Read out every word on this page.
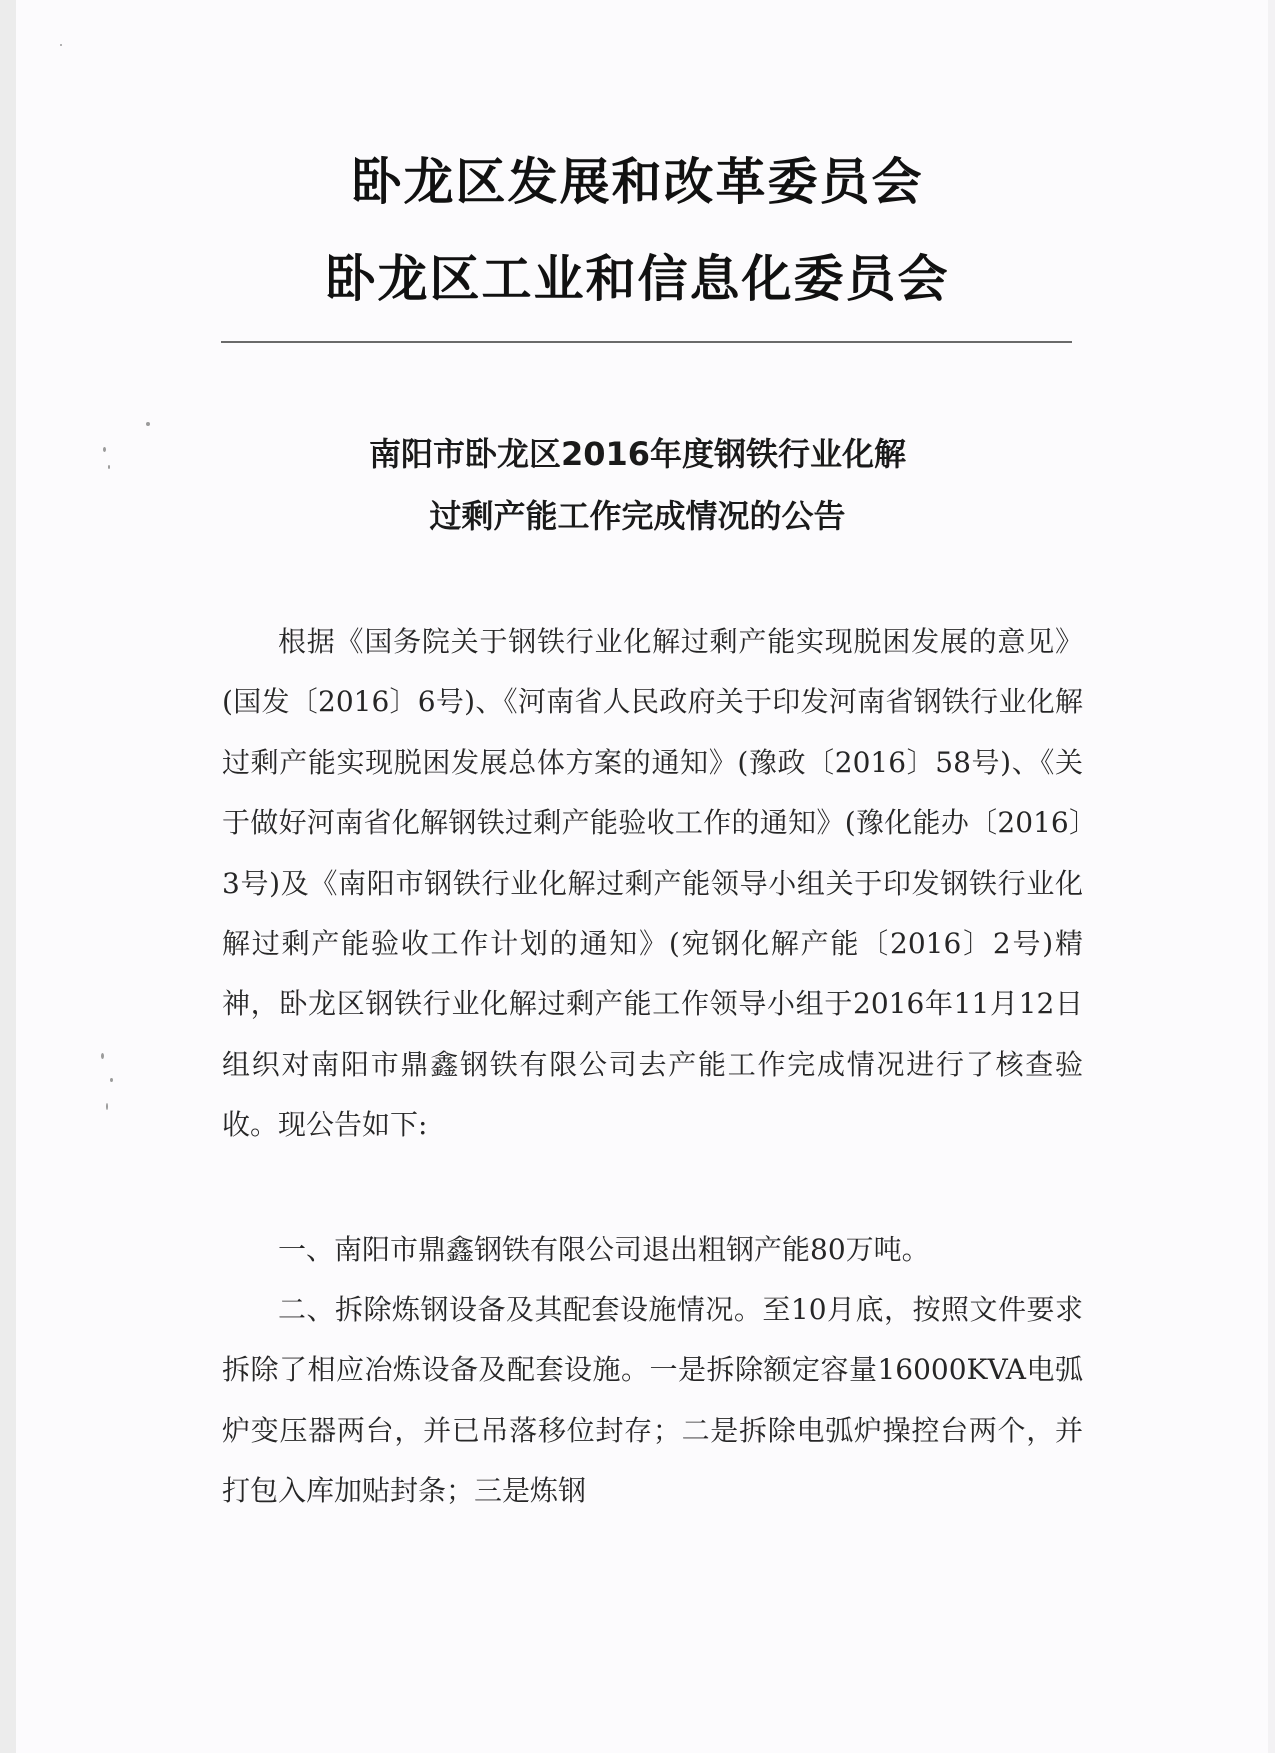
卧龙区发展和改革委员会
卧龙区工业和信息化委员会
南阳市卧龙区2016年度钢铁行业化解
过剩产能工作完成情况的公告

根据《国务院关于钢铁行业化解过剩产能实现脱困发展的意见》(国发〔2016〕6号)、《河南省人民政府关于印发河南省钢铁行业化解过剩产能实现脱困发展总体方案的通知》(豫政〔2016〕58号)、《关于做好河南省化解钢铁过剩产能验收工作的通知》(豫化能办〔2016〕3号)及《南阳市钢铁行业化解过剩产能领导小组关于印发钢铁行业化解过剩产能验收工作计划的通知》(宛钢化解产能〔2016〕2号)精神，卧龙区钢铁行业化解过剩产能工作领导小组于2016年11月12日组织对南阳市鼎鑫钢铁有限公司去产能工作完成情况进行了核查验收。现公告如下:

一、南阳市鼎鑫钢铁有限公司退出粗钢产能80万吨。

二、拆除炼钢设备及其配套设施情况。至10月底，按照文件要求拆除了相应冶炼设备及配套设施。一是拆除额定容量16000KVA电弧炉变压器两台，并已吊落移位封存；二是拆除电弧炉操控台两个，并打包入库加贴封条；三是炼钢
